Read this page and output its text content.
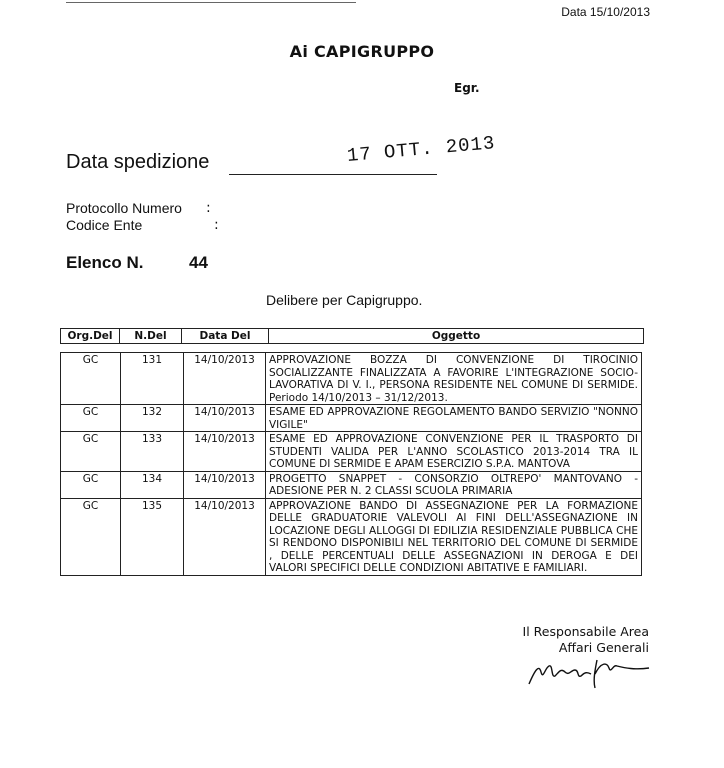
Data 15/10/2013
Ai CAPIGRUPPO
Egr.
Data spedizione	17 OTT. 2013
Protocollo Numero :
Codice Ente	:
Elenco N.	44
Delibere per Capigruppo.
Org.Del	N.Del	Data Del	Oggetto
GC	131	14/10/2013	APPROVAZIONE BOZZA DI CONVENZIONE DI TIROCINIO SOCIALIZZANTE FINALIZZATA A FAVORIRE L'INTEGRAZIONE SOCIO-LAVORATIVA DI V. I., PERSONA RESIDENTE NEL COMUNE DI SERMIDE. Periodo 14/10/2013 – 31/12/2013.
GC	132	14/10/2013	ESAME ED APPROVAZIONE REGOLAMENTO BANDO SERVIZIO "NONNO VIGILE"
GC	133	14/10/2013	ESAME ED APPROVAZIONE CONVENZIONE PER IL TRASPORTO DI STUDENTI VALIDA PER L'ANNO SCOLASTICO 2013-2014 TRA IL COMUNE DI SERMIDE E APAM ESERCIZIO S.P.A. MANTOVA
GC	134	14/10/2013	PROGETTO SNAPPET - CONSORZIO OLTREPO' MANTOVANO - ADESIONE PER N. 2 CLASSI SCUOLA PRIMARIA
GC	135	14/10/2013	APPROVAZIONE BANDO DI ASSEGNAZIONE PER LA FORMAZIONE DELLE GRADUATORIE VALEVOLI AI FINI DELL'ASSEGNAZIONE IN LOCAZIONE DEGLI ALLOGGI DI EDILIZIA RESIDENZIALE PUBBLICA CHE SI RENDONO DISPONIBILI NEL TERRITORIO DEL COMUNE DI SERMIDE , DELLE PERCENTUALI DELLE ASSEGNAZIONI IN DEROGA E DEI VALORI SPECIFICI DELLE CONDIZIONI ABITATIVE E FAMILIARI.
Il Responsabile Area
Affari Generali
